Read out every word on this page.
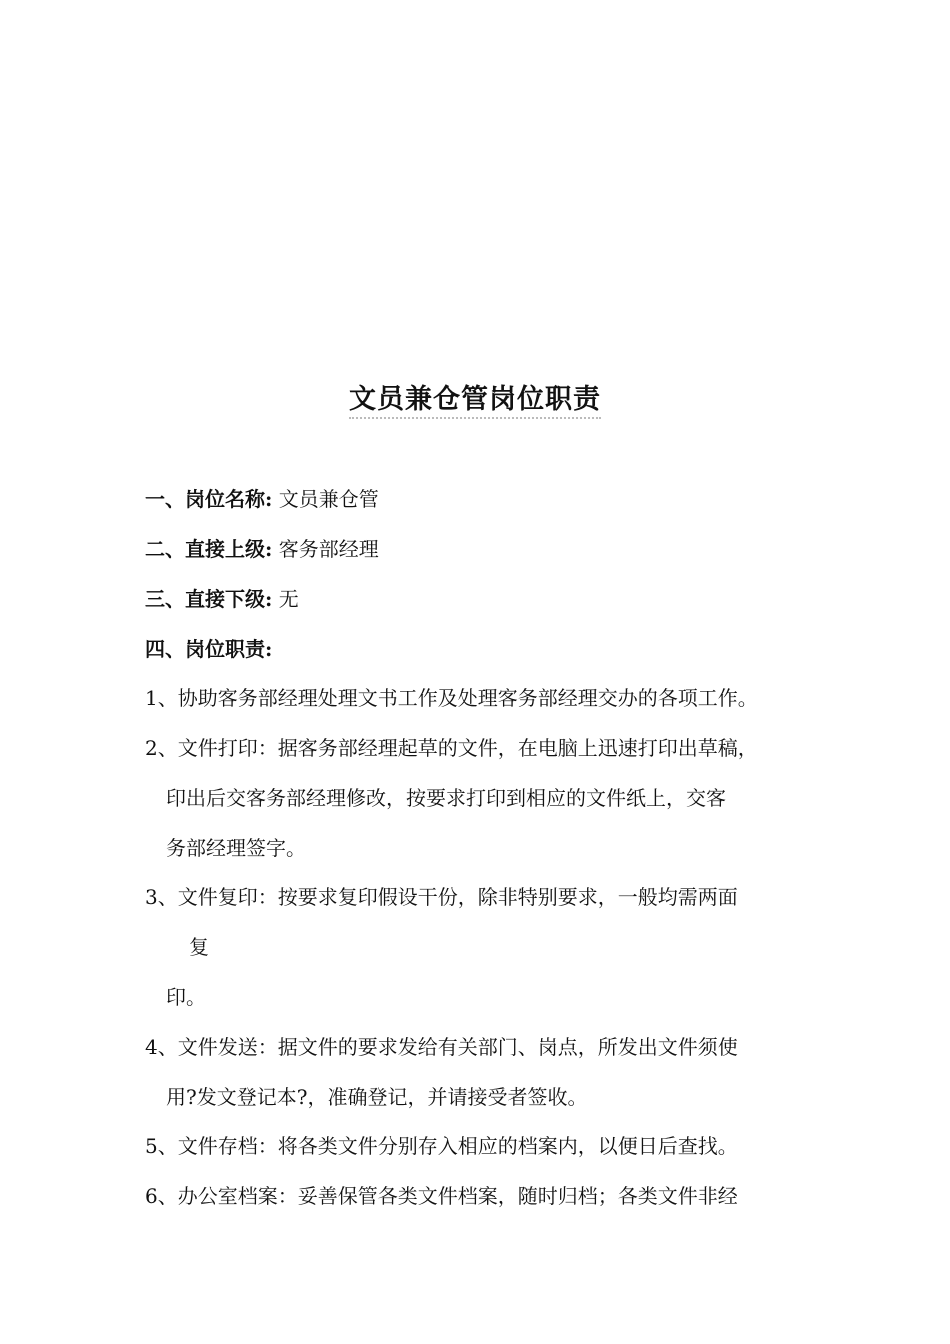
文员兼仓管岗位职责
一、岗位名称: 文员兼仓管
二、直接上级: 客务部经理
三、直接下级: 无
四、岗位职责:
1、协助客务部经理处理文书工作及处理客务部经理交办的各项工作。
2、文件打印：据客务部经理起草的文件，在电脑上迅速打印出草稿，
印出后交客务部经理修改，按要求打印到相应的文件纸上，交客
务部经理签字。
3、文件复印：按要求复印假设干份，除非特别要求，一般均需两面
复
印。
4、文件发送：据文件的要求发给有关部门、岗点，所发出文件须使
用?发文登记本?，准确登记，并请接受者签收。
5、文件存档：将各类文件分别存入相应的档案内，以便日后查找。
6、办公室档案：妥善保管各类文件档案，随时归档；各类文件非经
